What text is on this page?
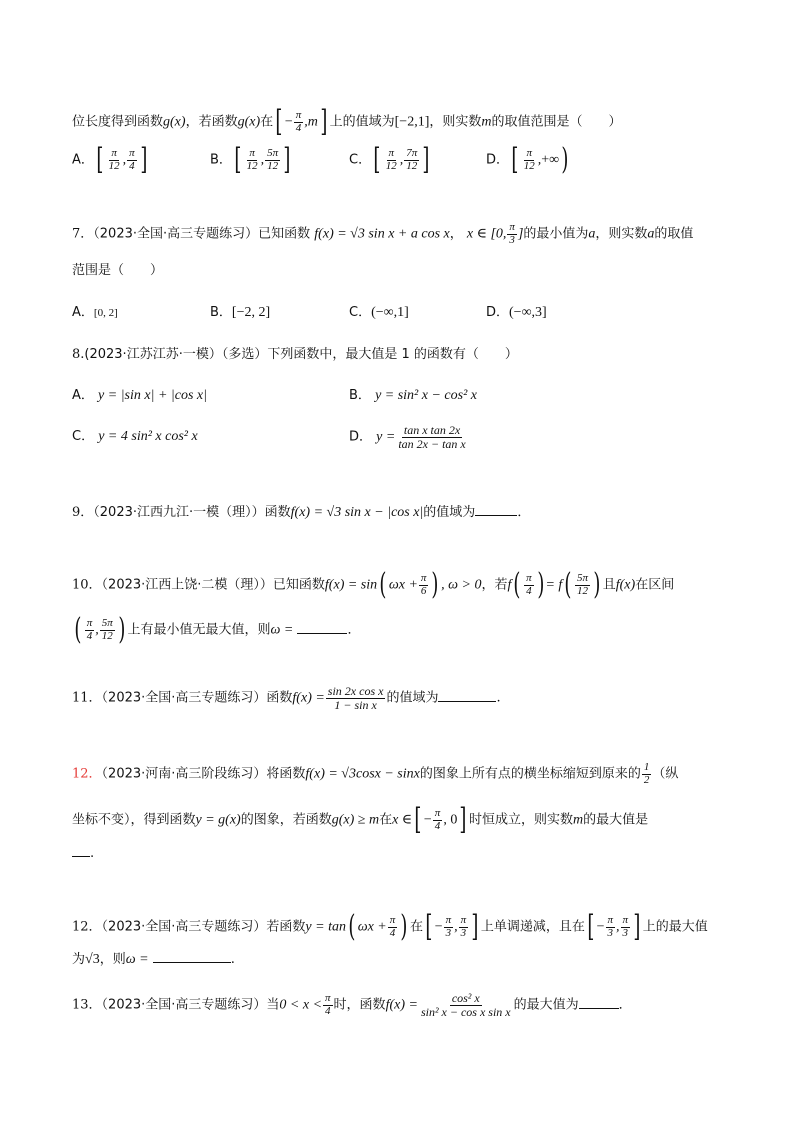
位长度得到函数g(x)，若函数g(x)在[ − $\frac{\pi}{4} ,m$] 上的值域为[−2,1]，则实数m的取值范围是（　　）
A．[ $\frac{\pi}{12}$ , $\frac{\pi}{4}$ ]	B．[ $\frac{\pi}{12}$ , $\frac{5\pi}{12}$ ]	C．[ $\frac{\pi}{12}$ , $\frac{7\pi}{12}$ ]	D．[ $\frac{\pi}{12}$ ,+∞)
7．（2023·全国·高三专题练习）已知函数 f(x) = √3 sin x + a cos x， x ∈ [0, $\frac{\pi}{3}$ ]的最小值为a，则实数a的取值
范围是（　　）
A．[0, 2]	B．[−2, 2]	C．(−∞,1]	D．(−∞,3]
8.(2023·江苏江苏·一模）（多选）下列函数中，最大值是 1 的函数有（　　）
A． y = |sin x| + |cos x|	B． y = sin² x − cos² x
C． y = 4 sin² x cos² x	D． $y = \frac{\text{tan x tan 2x}}{\text{tan 2x − tan x}}$
9．（2023·江西九江·一模（理））函数f(x) = √3 sin x − |cos x|的值域为	．
10．（2023·江西上饶·二模（理））已知函数f(x) = sin( $\omega x + \frac{\pi}{6}$ ) , ω > 0，若$f( \frac{\pi}{4}$ ) = $f( \frac{5\pi}{12}$ ) 且f(x)在区间
( $\frac{\pi}{4}$ , $\frac{5\pi}{12}$ ) 上有最小值无最大值，则ω =	．
11．（2023·全国·高三专题练习）函数$f(x) = \frac{\text{sin 2x cos x}}{\text{1 − sin x}}$ 的值域为	.
12．（2023·河南·高三阶段练习）将函数f(x) = √3cosx − sinx的图象上所有点的横坐标缩短到原来的 $\frac{1}{2}$ （纵
坐标不变），得到函数y = g(x)的图象，若函数g(x) ≥ m在x ∈[ − $\frac{\pi}{4}$ , 0] 时恒成立，则实数m的最大值是
.
12．（2023·全国·高三专题练习）若函数y = tan( $\omega x + \frac{\pi}{4}$ ) 在[ − $\frac{\pi}{3}$ , $\frac{\pi}{3}$ ] 上单调递减，且在[ − $\frac{\pi}{3}$ , $\frac{\pi}{3}$ ] 上的最大值
为√3，则ω =	.
13．（2023·全国·高三专题练习）当$0 < x < \frac{\pi}{4}$ 时，函数$f(x) = \frac{\text{cos² x}}{\text{sin² x − cos x sin x}}$ 的最大值为	．
